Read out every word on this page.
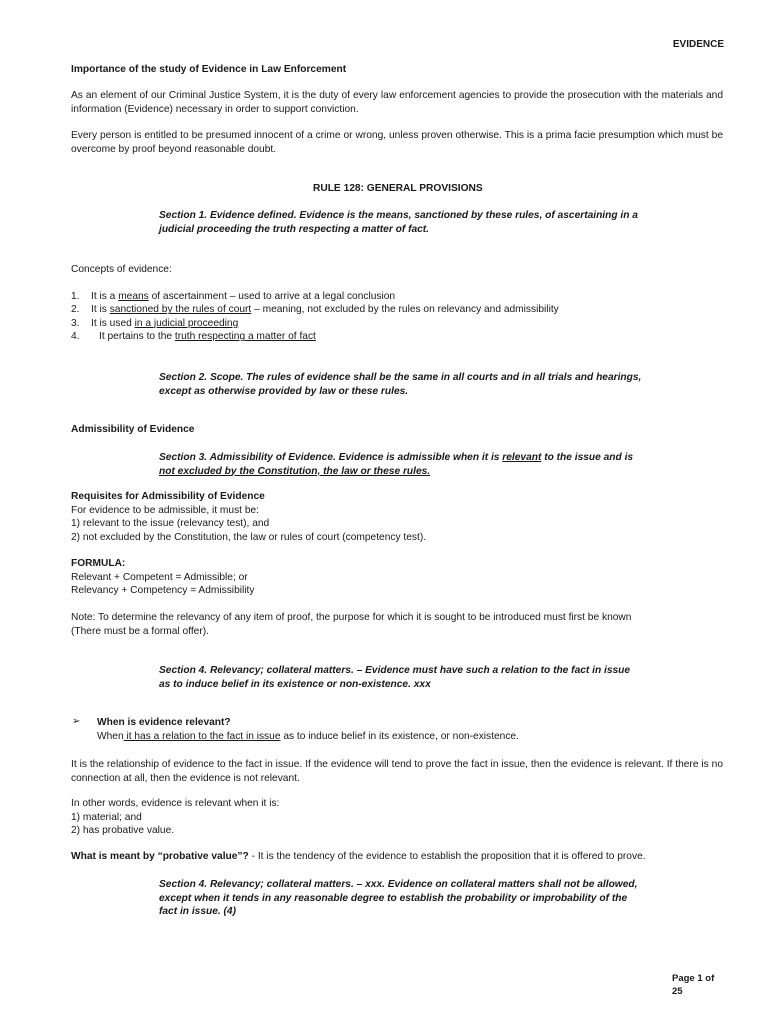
EVIDENCE
Importance of the study of Evidence in Law Enforcement
As an element of our Criminal Justice System, it is the duty of every law enforcement agencies to provide the prosecution with the materials and information (Evidence) necessary in order to support conviction.
Every person is entitled to be presumed innocent of a crime or wrong, unless proven otherwise. This is a prima facie presumption which must be overcome by proof beyond reasonable doubt.
RULE 128: GENERAL PROVISIONS
Section 1. Evidence defined. Evidence is the means, sanctioned by these rules, of ascertaining in a
judicial proceeding the truth respecting a matter of fact.
Concepts of evidence:
1. It is a means of ascertainment – used to arrive at a legal conclusion
2. It is sanctioned by the rules of court – meaning, not excluded by the rules on relevancy and admissibility
3. It is used in a judicial proceeding
4. It pertains to the truth respecting a matter of fact
Section 2. Scope. The rules of evidence shall be the same in all courts and in all trials and hearings,
except as otherwise provided by law or these rules.
Admissibility of Evidence
Section 3. Admissibility of Evidence. Evidence is admissible when it is relevant to the issue and is
not excluded by the Constitution, the law or these rules.
Requisites for Admissibility of Evidence
For evidence to be admissible, it must be:
1) relevant to the issue (relevancy test), and
2) not excluded by the Constitution, the law or rules of court (competency test).
FORMULA:
Relevant + Competent = Admissible; or
Relevancy + Competency = Admissibility
Note: To determine the relevancy of any item of proof, the purpose for which it is sought to be introduced must first be known
(There must be a formal offer).
Section 4. Relevancy; collateral matters. – Evidence must have such a relation to the fact in issue
as to induce belief in its existence or non-existence. xxx
➢ When is evidence relevant?
When it has a relation to the fact in issue as to induce belief in its existence, or non-existence.
It is the relationship of evidence to the fact in issue. If the evidence will tend to prove the fact in issue, then the evidence is relevant. If there is no connection at all, then the evidence is not relevant.
In other words, evidence is relevant when it is:
1) material; and
2) has probative value.
What is meant by “probative value”? - It is the tendency of the evidence to establish the proposition that it is offered to prove.
Section 4. Relevancy; collateral matters. – xxx. Evidence on collateral matters shall not be allowed,
except when it tends in any reasonable degree to establish the probability or improbability of the
fact in issue. (4)
Page 1 of
25
